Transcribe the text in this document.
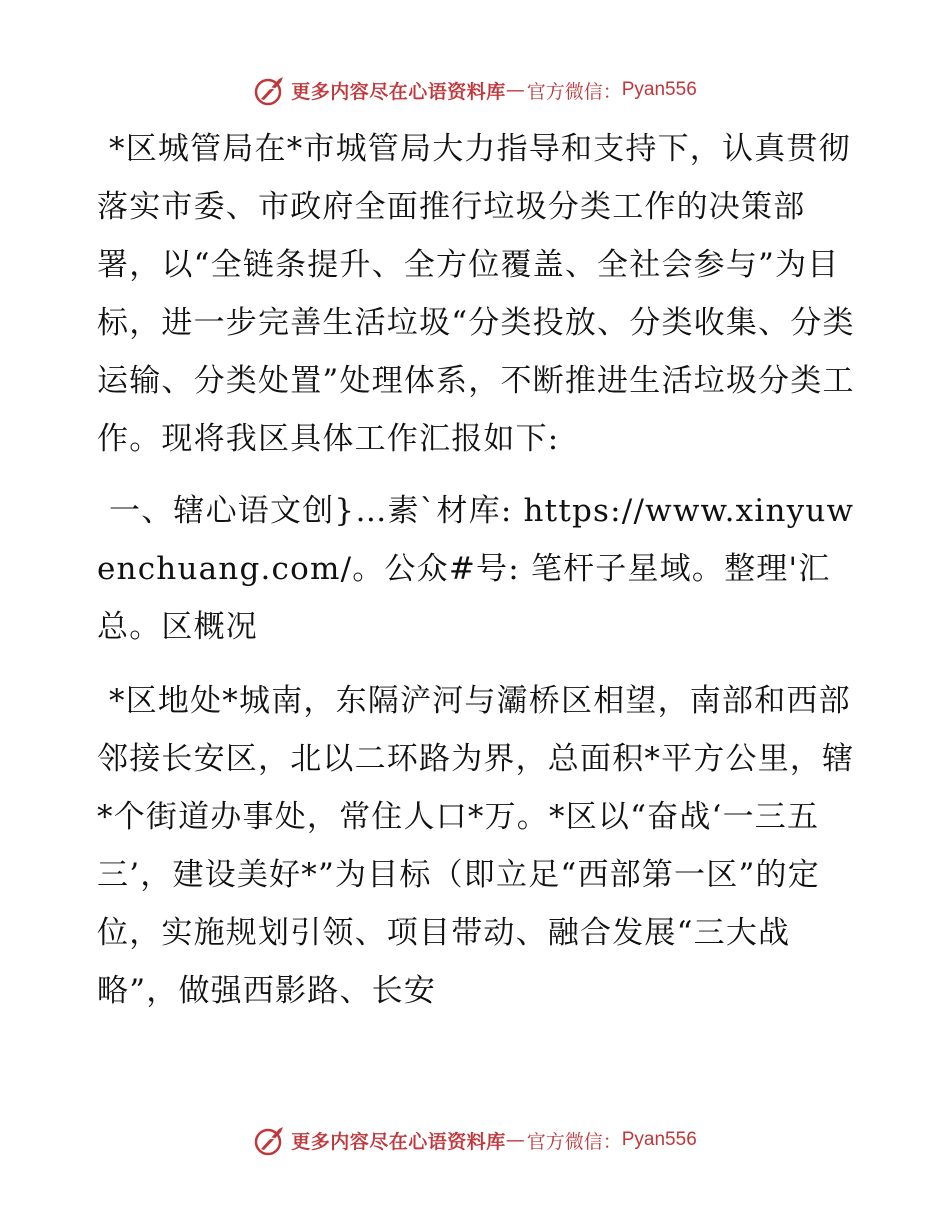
更多内容尽在心语资料库 — 官方微信： Pyan556

*区城管局在*市城管局大力指导和支持下，认真贯彻落实市委、市政府全面推行垃圾分类工作的决策部署，以“全链条提升、全方位覆盖、全社会参与”为目标，进一步完善生活垃圾“分类投放、分类收集、分类运输、分类处置”处理体系，不断推进生活垃圾分类工作。现将我区具体工作汇报如下:

一、辖心语文创}…素`材库: https://www.xinyuwenchuang.com/。公众#号: 笔杆子星域。整理'汇总。区概况

*区地处*城南，东隔浐河与灞桥区相望，南部和西部邻接长安区，北以二环路为界，总面积*平方公里，辖*个街道办事处，常住人口*万。*区以“奋战‘一三五三’，建设美好*”为目标（即立足“西部第一区”的定位，实施规划引领、项目带动、融合发展“三大战略”，做强西影路、长安

更多内容尽在心语资料库 — 官方微信： Pyan556
